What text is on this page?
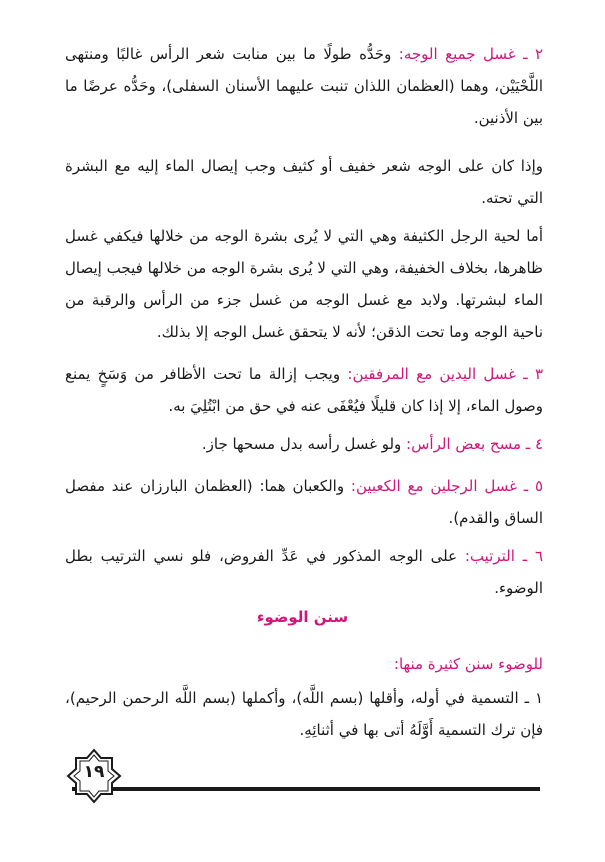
٢ ـ غسل جميع الوجه: وحَدُّه طولًا ما بين منابت شعر الرأس غالبًا ومنتهى اللَّحْيَيْن، وهما (العظمان اللذان تنبت عليهما الأسنان السفلى)، وحَدُّه عرضًا ما بين الأذنين.

وإذا كان على الوجه شعر خفيف أو كثيف وجب إيصال الماء إليه مع البشرة التي تحته.

أما لحية الرجل الكثيفة وهي التي لا يُرى بشرة الوجه من خلالها فيكفي غسل ظاهرها، بخلاف الخفيفة، وهي التي لا يُرى بشرة الوجه من خلالها فيجب إيصال الماء لبشرتها. ولابد مع غسل الوجه من غسل جزء من الرأس والرقبة من ناحية الوجه وما تحت الذقن؛ لأنه لا يتحقق غسل الوجه إلا بذلك.

٣ ـ غسل اليدين مع المرفقين: ويجب إزالة ما تحت الأظافر من وَسَخٍ يمنع وصول الماء، إلا إذا كان قليلًا فيُعْفَى عنه في حق من ابْتُلِيَ به.

٤ ـ مسح بعض الرأس: ولو غسل رأسه بدل مسحها جاز.

٥ ـ غسل الرجلين مع الكعبين: والكعبان هما: (العظمان البارزان عند مفصل الساق والقدم).

٦ ـ الترتيب: على الوجه المذكور في عَدِّ الفروض، فلو نسي الترتيب بطل الوضوء.

سنن الوضوء

للوضوء سنن كثيرة منها:

١ ـ التسمية في أوله، وأقلها (بسم اللَّه)، وأكملها (بسم اللَّه الرحمن الرحيم)، فإن ترك التسمية أَوَّلَهُ أتى بها في أثنائِهِ.

١٩
